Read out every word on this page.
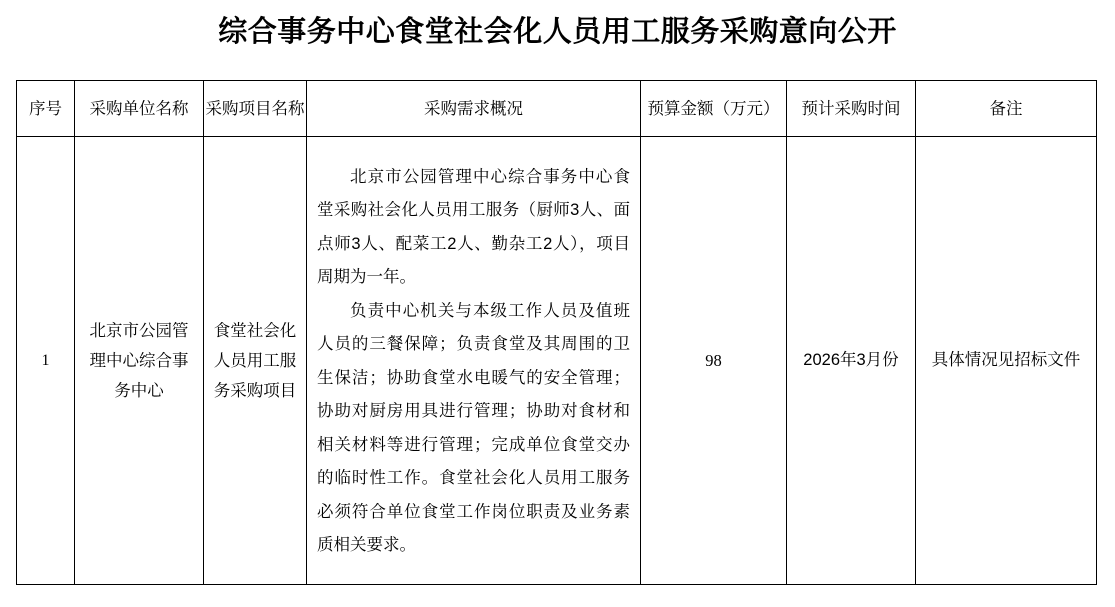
综合事务中心食堂社会化人员用工服务采购意向公开
序号	采购单位名称	采购项目名称	采购需求概况	预算金额（万元）	预计采购时间	备注
1	北京市公园管理中心综合事务中心	食堂社会化人员用工服务采购项目	北京市公园管理中心综合事务中心食堂采购社会化人员用工服务（厨师3人、面点师3人、配菜工2人、勤杂工2人），项目周期为一年。

负责中心机关与本级工作人员及值班人员的三餐保障；负责食堂及其周围的卫生保洁；协助食堂水电暖气的安全管理；协助对厨房用具进行管理；协助对食材和相关材料等进行管理；完成单位食堂交办的临时性工作。食堂社会化人员用工服务必须符合单位食堂工作岗位职责及业务素质相关要求。	98	2026年3月份	具体情况见招标文件
